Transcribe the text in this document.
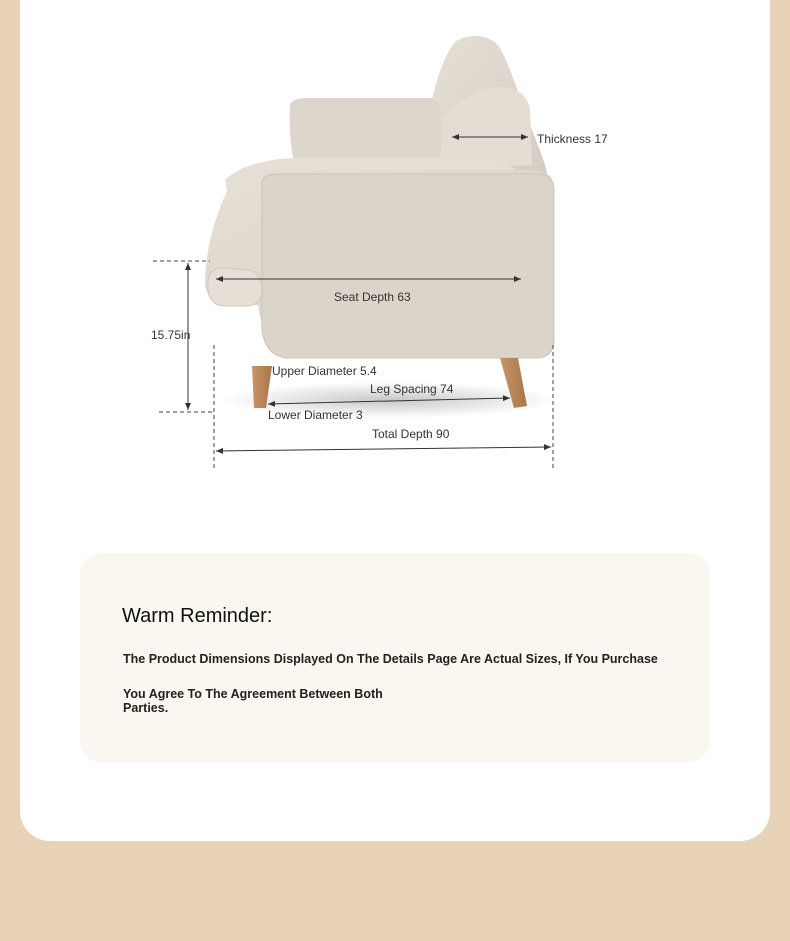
Thickness 17
Seat Depth 63
15.75in
Upper Diameter 5.4
Leg Spacing 74
Lower Diameter 3
Total Depth 90
Warm Reminder:

The Product Dimensions Displayed On The Details Page Are Actual Sizes, If You Purchase

You Agree To The Agreement Between Both Parties.
